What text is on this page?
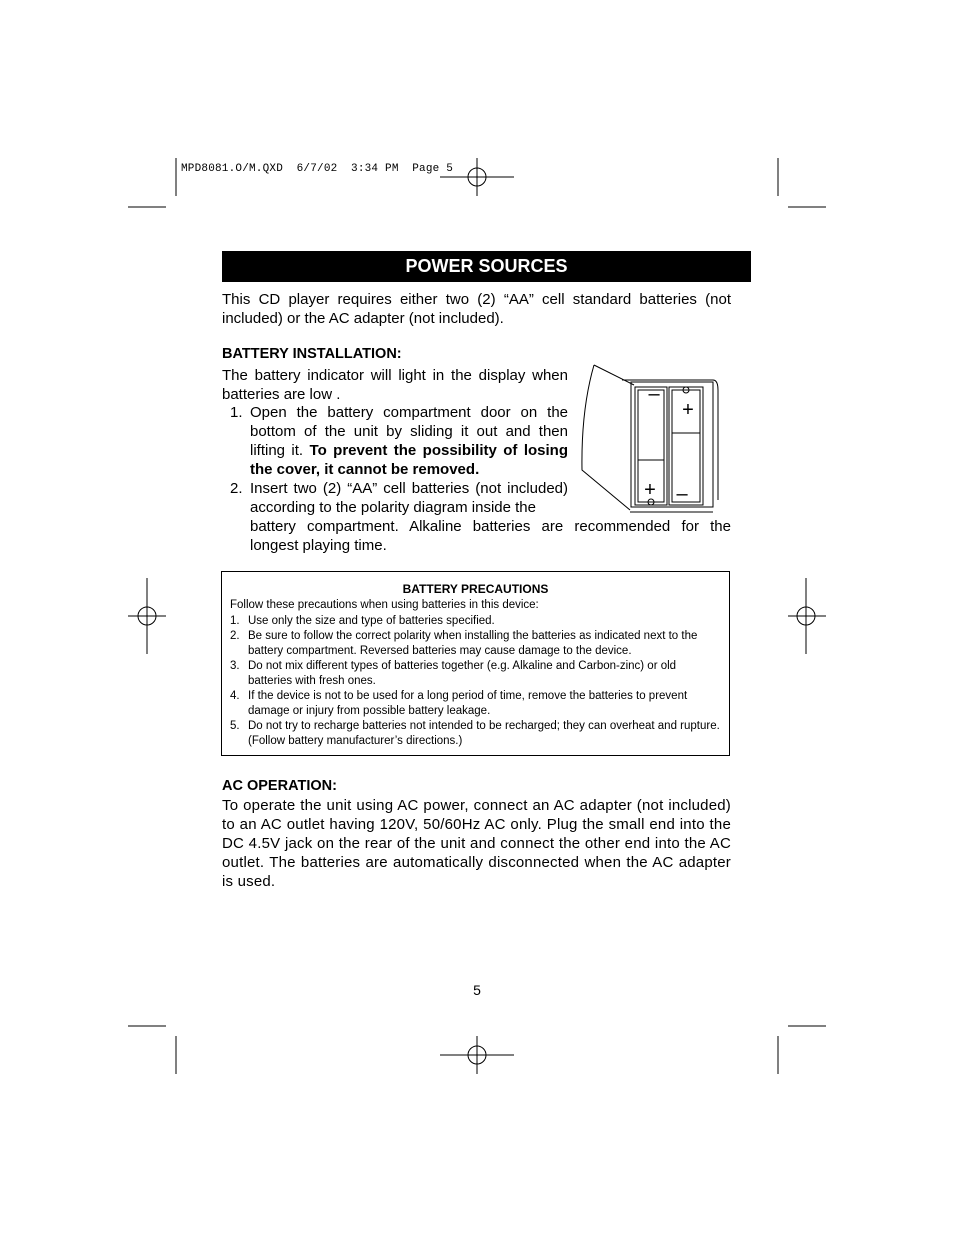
MPD8081.O/M.QXD  6/7/02  3:34 PM  Page 5
POWER SOURCES
This CD player requires either two (2) “AA” cell standard batteries (not included) or the AC adapter (not included).
BATTERY INSTALLATION:
The battery indicator will light in the display when batteries are low .
1. Open the battery compartment door on the bottom of the unit by sliding it out and then lifting it. To prevent the possibility of losing the cover, it cannot be removed.
2. Insert two (2) “AA” cell batteries (not included) according to the polarity diagram inside the
battery compartment. Alkaline batteries are recommended for the longest playing time.
–
+
+ –
BATTERY PRECAUTIONS
Follow these precautions when using batteries in this device:
1. Use only the size and type of batteries specified.
2. Be sure to follow the correct polarity when installing the batteries as indicated next to the battery compartment. Reversed batteries may cause damage to the device.
3. Do not mix different types of batteries together (e.g. Alkaline and Carbon-zinc) or old batteries with fresh ones.
4. If the device is not to be used for a long period of time, remove the batteries to prevent damage or injury from possible battery leakage.
5. Do not try to recharge batteries not intended to be recharged; they can overheat and rupture. (Follow battery manufacturer’s directions.)
AC OPERATION:
To operate the unit using AC power, connect an AC adapter (not included) to an AC outlet having 120V, 50/60Hz AC only. Plug the small end into the DC 4.5V jack on the rear of the unit and connect the other end into the AC outlet. The batteries are automatically disconnected when the AC adapter is used.
5
